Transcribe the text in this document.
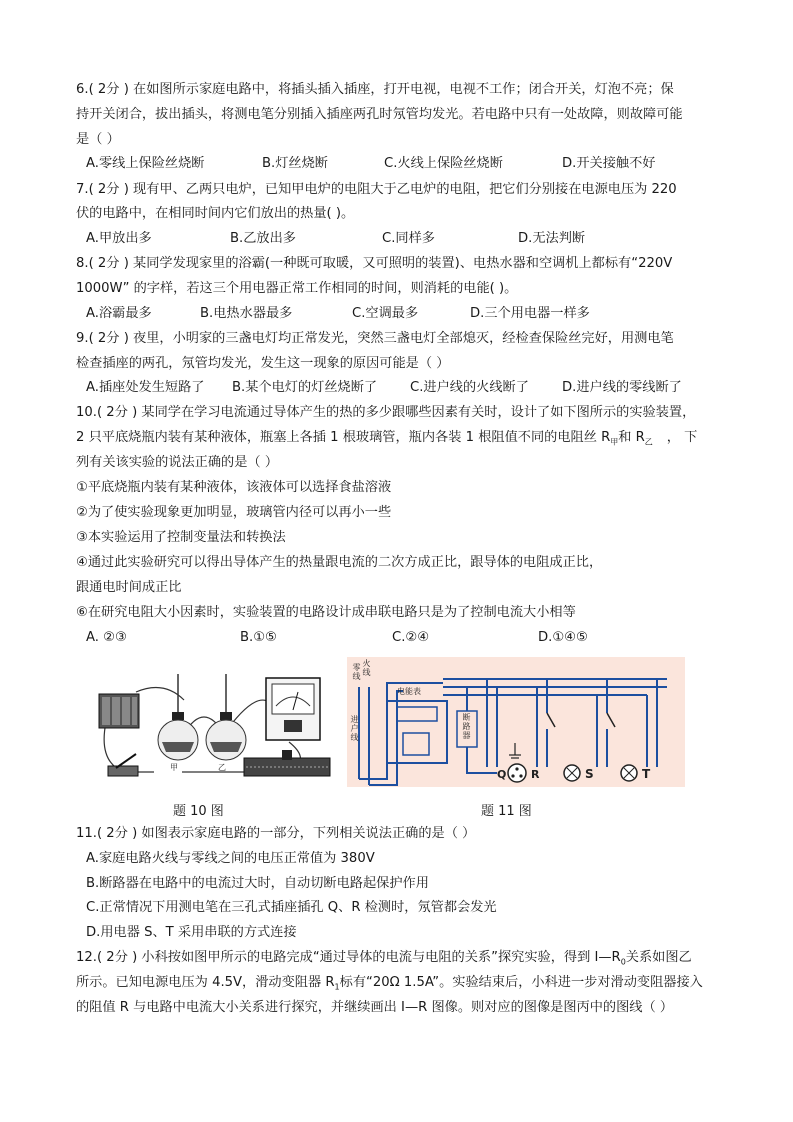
6.( 2分 ) 在如图所示家庭电路中，将插头插入插座，打开电视，电视不工作；闭合开关，灯泡不亮；保
持开关闭合，拔出插头，将测电笔分别插入插座两孔时氖管均发光。若电路中只有一处故障，则故障可能
是（ ）
A.零线上保险丝烧断	B.灯丝烧断	C.火线上保险丝烧断	D.开关接触不好
7.( 2分 ) 现有甲、乙两只电炉，已知甲电炉的电阻大于乙电炉的电阻，把它们分别接在电源电压为 220
伏的电路中，在相同时间内它们放出的热量( )。
A.甲放出多	B.乙放出多	C.同样多	D.无法判断
8.( 2分 ) 某同学发现家里的浴霸(一种既可取暖，又可照明的装置)、电热水器和空调机上都标有“220V
1000W” 的字样，若这三个用电器正常工作相同的时间，则消耗的电能( )。
A.浴霸最多	B.电热水器最多	C.空调最多	D.三个用电器一样多
9.( 2分 ) 夜里，小明家的三盏电灯均正常发光，突然三盏电灯全部熄灭，经检查保险丝完好，用测电笔
检查插座的两孔，氖管均发光，发生这一现象的原因可能是（ ）
A.插座处发生短路了 B.某个电灯的灯丝烧断了 C.进户线的火线断了	D.进户线的零线断了
10.( 2分 ) 某同学在学习电流通过导体产生的热的多少跟哪些因素有关时，设计了如下图所示的实验装置，
2 只平底烧瓶内装有某种液体，瓶塞上各插 1 根玻璃管，瓶内各装 1 根阻值不同的电阻丝 $R_甲$和 $R_乙$ ， 下
列有关该实验的说法正确的是（ ）
①平底烧瓶内装有某种液体，该液体可以选择食盐溶液
②为了使实验现象更加明显，玻璃管内径可以再小一些
③本实验运用了控制变量法和转换法
④通过此实验研究可以得出导体产生的热量跟电流的二次方成正比，跟导体的电阻成正比，
跟通电时间成正比
⑥在研究电阻大小因素时，实验装置的电路设计成串联电路只是为了控制电流大小相等
A. ②③	B.①⑤	C.②④	D.①④⑤
甲	乙
题 10 图
零线 火线
进户线
电能表
断路器
Q R	S	T
题 11 图
11.( 2分 ) 如图表示家庭电路的一部分，下列相关说法正确的是（ ）
A.家庭电路火线与零线之间的电压正常值为 380V
B.断路器在电路中的电流过大时，自动切断电路起保护作用
C.正常情况下用测电笔在三孔式插座插孔 Q、R 检测时，氖管都会发光
D.用电器 S、T 采用串联的方式连接
12.( 2分 ) 小科按如图甲所示的电路完成“通过导体的电流与电阻的关系”探究实验，得到 $I—R_0$关系如图乙
所示。已知电源电压为 4.5V，滑动变阻器 $R_1$标有“20Ω 1.5A”。实验结束后，小科进一步对滑动变阻器接入
的阻值 R 与电路中电流大小关系进行探究，并继续画出 I—R 图像。则对应的图像是图丙中的图线（ ）
